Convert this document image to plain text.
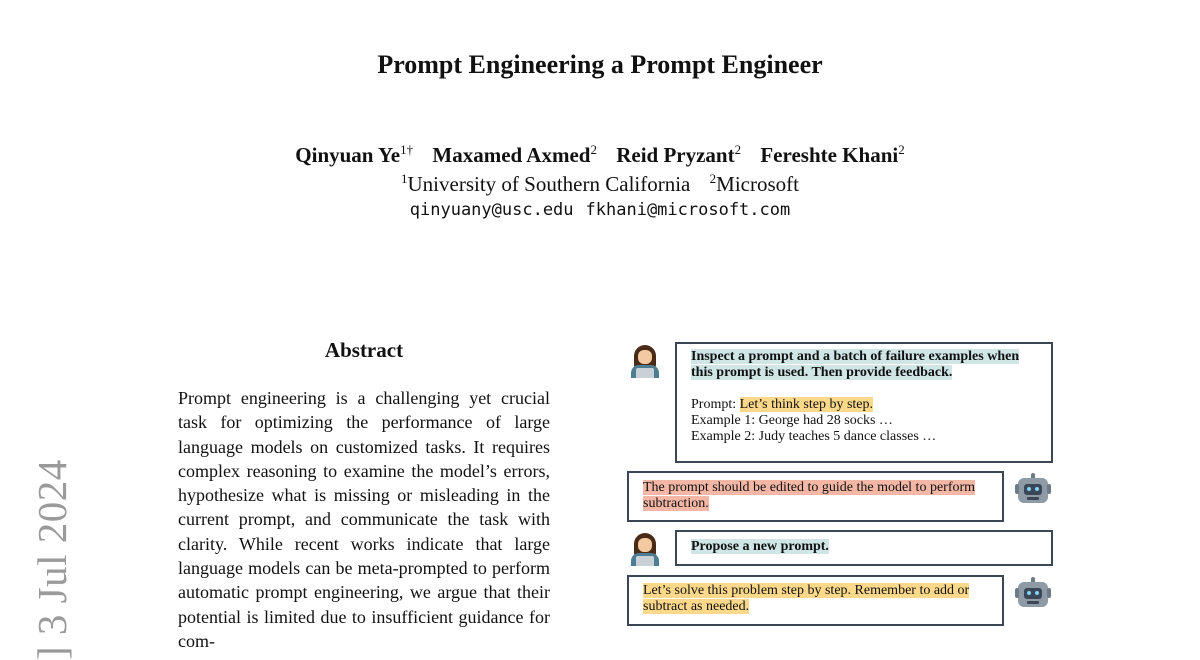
Prompt Engineering a Prompt Engineer
Qinyuan $Ye^{1\dagger}$ Maxamed Axmed$^2$ Reid Pryzant$^2$ Fereshte Khani$^2$
$^1$University of Southern California $^2$Microsoft
qinyuany@usc.edu fkhani@microsoft.com
] 3 Jul 2024
Abstract

Prompt engineering is a challenging yet crucial task for optimizing the performance of large language models on customized tasks. It requires complex reasoning to examine the model’s errors, hypothesize what is missing or misleading in the current prompt, and communicate the task with clarity. While recent works indicate that large language models can be meta-prompted to perform automatic prompt engineering, we argue that their potential is limited due to insufficient guidance for com-

Inspect a prompt and a batch of failure examples when this prompt is used. Then provide feedback.
Prompt: Let’s think step by step.
Example 1: George had 28 socks …
Example 2: Judy teaches 5 dance classes …
The prompt should be edited to guide the model to perform subtraction.
Propose a new prompt.
Let’s solve this problem step by step. Remember to add or subtract as needed.
